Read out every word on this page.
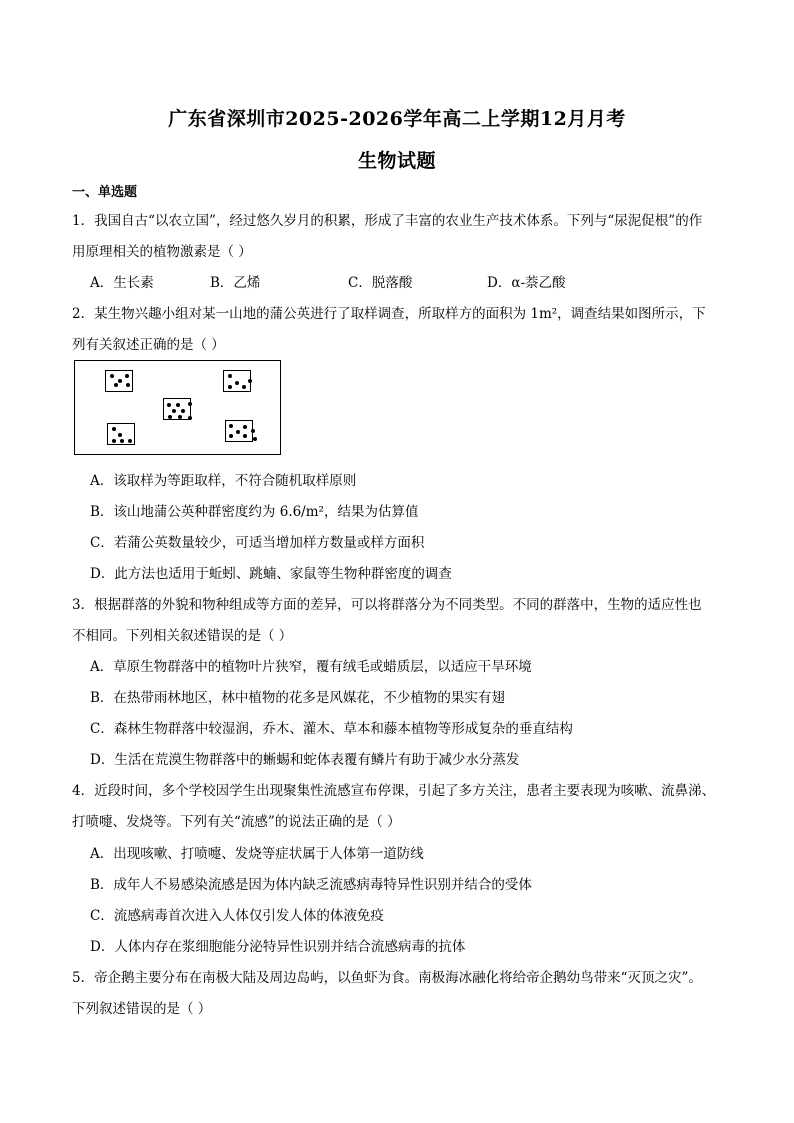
广东省深圳市2025-2026学年高二上学期12月月考
生物试题
一、单选题
1．我国自古“以农立国”，经过悠久岁月的积累，形成了丰富的农业生产技术体系。下列与“尿泥促根”的作
用原理相关的植物激素是（ ）
A．生长素	B．乙烯	C．脱落酸	D．α-萘乙酸
2．某生物兴趣小组对某一山地的蒲公英进行了取样调查，所取样方的面积为 1m²，调查结果如图所示，下
列有关叙述正确的是（ ）
A．该取样为等距取样，不符合随机取样原则
B．该山地蒲公英种群密度约为 6.6/m²，结果为估算值
C．若蒲公英数量较少，可适当增加样方数量或样方面积
D．此方法也适用于蚯蚓、跳蝻、家鼠等生物种群密度的调查
3．根据群落的外貌和物种组成等方面的差异，可以将群落分为不同类型。不同的群落中，生物的适应性也
不相同。下列相关叙述错误的是（ ）
A．草原生物群落中的植物叶片狭窄，覆有绒毛或蜡质层，以适应干旱环境
B．在热带雨林地区，林中植物的花多是风媒花，不少植物的果实有翅
C．森林生物群落中较湿润，乔木、灌木、草本和藤本植物等形成复杂的垂直结构
D．生活在荒漠生物群落中的蜥蜴和蛇体表覆有鳞片有助于减少水分蒸发
4．近段时间，多个学校因学生出现聚集性流感宣布停课，引起了多方关注，患者主要表现为咳嗽、流鼻涕、
打喷嚏、发烧等。下列有关“流感”的说法正确的是（ ）
A．出现咳嗽、打喷嚏、发烧等症状属于人体第一道防线
B．成年人不易感染流感是因为体内缺乏流感病毒特异性识别并结合的受体
C．流感病毒首次进入人体仅引发人体的体液免疫
D．人体内存在浆细胞能分泌特异性识别并结合流感病毒的抗体
5．帝企鹅主要分布在南极大陆及周边岛屿，以鱼虾为食。南极海冰融化将给帝企鹅幼鸟带来“灭顶之灾”。
下列叙述错误的是（ ）
